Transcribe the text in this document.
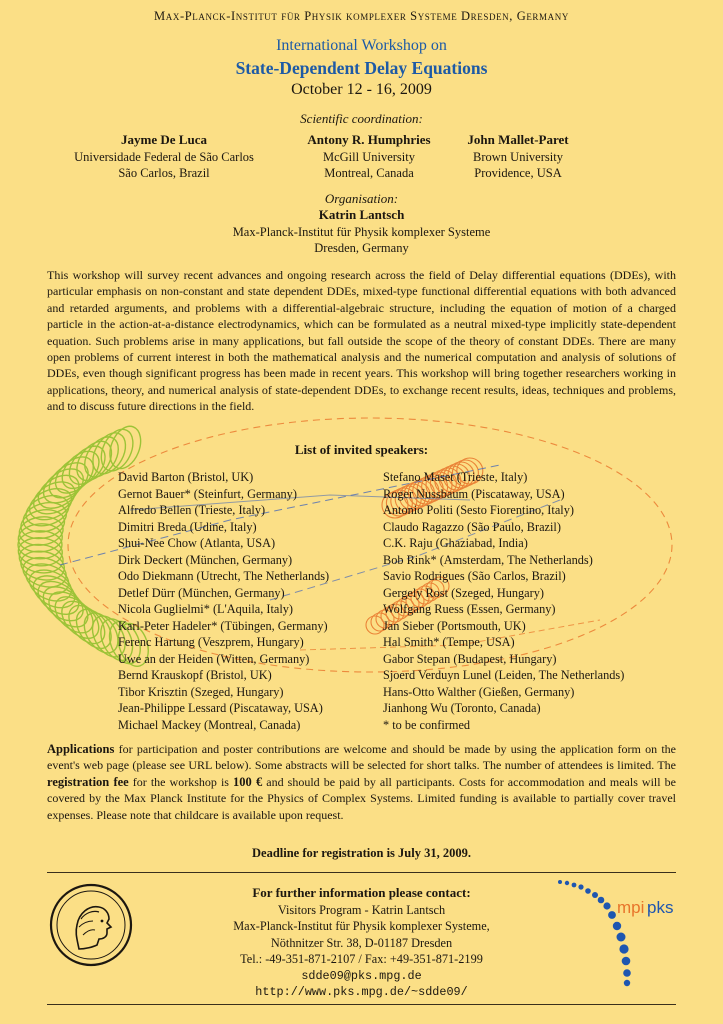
Max-Planck-Institut für Physik komplexer Systeme Dresden, Germany
International Workshop on
State-Dependent Delay Equations
October 12 - 16, 2009
Scientific coordination:
Jayme De Luca
Universidade Federal de São Carlos
São Carlos, Brazil
Antony R. Humphries
McGill University
Montreal, Canada
John Mallet-Paret
Brown University
Providence, USA
Organisation:
Katrin Lantsch
Max-Planck-Institut für Physik komplexer Systeme
Dresden, Germany

This workshop will survey recent advances and ongoing research across the field of Delay differential equations (DDEs), with particular emphasis on non-constant and state dependent DDEs, mixed-type functional differential equations with both advanced and retarded arguments, and problems with a differential-algebraic structure, including the equation of motion of a charged particle in the action-at-a-distance electrodynamics, which can be formulated as a neutral mixed-type implicitly state-dependent equation. Such problems arise in many applications, but fall outside the scope of the theory of constant DDEs. There are many open problems of current interest in both the mathematical analysis and the numerical computation and analysis of solutions of DDEs, even though significant progress has been made in recent years. This workshop will bring together researchers working in applications, theory, and numerical analysis of state-dependent DDEs, to exchange recent results, ideas, techniques and problems, and to discuss future directions in the field.

List of invited speakers:
David Barton (Bristol, UK)
Gernot Bauer* (Steinfurt, Germany)
Alfredo Bellen (Trieste, Italy)
Dimitri Breda (Udine, Italy)
Shui-Nee Chow (Atlanta, USA)
Dirk Deckert (München, Germany)
Odo Diekmann (Utrecht, The Netherlands)
Detlef Dürr (München, Germany)
Nicola Guglielmi* (L'Aquila, Italy)
Karl-Peter Hadeler* (Tübingen, Germany)
Ferenc Hartung (Veszprem, Hungary)
Uwe an der Heiden (Witten, Germany)
Bernd Krauskopf (Bristol, UK)
Tibor Krisztin (Szeged, Hungary)
Jean-Philippe Lessard (Piscataway, USA)
Michael Mackey (Montreal, Canada)
Stefano Maset (Trieste, Italy)
Roger Nussbaum (Piscataway, USA)
Antonio Politi (Sesto Fiorentino, Italy)
Claudo Ragazzo (São Paulo, Brazil)
C.K. Raju (Ghaziabad, India)
Bob Rink* (Amsterdam, The Netherlands)
Savio Rodrigues (São Carlos, Brazil)
Gergely Rost (Szeged, Hungary)
Wolfgang Ruess (Essen, Germany)
Jan Sieber (Portsmouth, UK)
Hal Smith* (Tempe, USA)
Gabor Stepan (Budapest, Hungary)
Sjoerd Verduyn Lunel (Leiden, The Netherlands)
Hans-Otto Walther (Gießen, Germany)
Jianhong Wu (Toronto, Canada)
* to be confirmed

Applications for participation and poster contributions are welcome and should be made by using the application form on the event's web page (please see URL below). Some abstracts will be selected for short talks. The number of attendees is limited. The registration fee for the workshop is 100 € and should be paid by all participants. Costs for accommodation and meals will be covered by the Max Planck Institute for the Physics of Complex Systems. Limited funding is available to partially cover travel expenses. Please note that childcare is available upon request.

Deadline for registration is July 31, 2009.
For further information please contact:
Visitors Program - Katrin Lantsch
Max-Planck-Institut für Physik komplexer Systeme,
Nöthnitzer Str. 38, D-01187 Dresden
Tel.: -49-351-871-2107 / Fax: +49-351-871-2199
sdde09@pks.mpg.de
http://www.pks.mpg.de/~sdde09/
mpi pks
